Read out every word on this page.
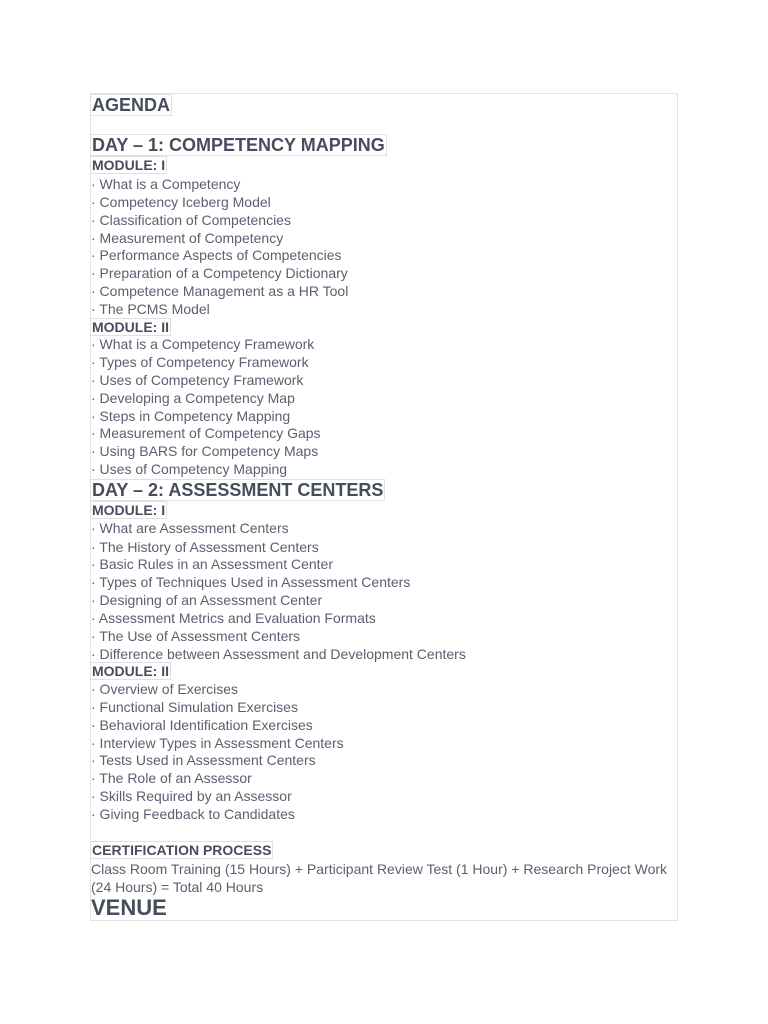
AGENDA
DAY – 1: COMPETENCY MAPPING
MODULE: I
· What is a Competency
· Competency Iceberg Model
· Classification of Competencies
· Measurement of Competency
· Performance Aspects of Competencies
· Preparation of a Competency Dictionary
· Competence Management as a HR Tool
· The PCMS Model
MODULE: II
· What is a Competency Framework
· Types of Competency Framework
· Uses of Competency Framework
· Developing a Competency Map
· Steps in Competency Mapping
· Measurement of Competency Gaps
· Using BARS for Competency Maps
· Uses of Competency Mapping
DAY – 2: ASSESSMENT CENTERS
MODULE: I
· What are Assessment Centers
· The History of Assessment Centers
· Basic Rules in an Assessment Center
· Types of Techniques Used in Assessment Centers
· Designing of an Assessment Center
· Assessment Metrics and Evaluation Formats
· The Use of Assessment Centers
· Difference between Assessment and Development Centers
MODULE: II
· Overview of Exercises
· Functional Simulation Exercises
· Behavioral Identification Exercises
· Interview Types in Assessment Centers
· Tests Used in Assessment Centers
· The Role of an Assessor
· Skills Required by an Assessor
· Giving Feedback to Candidates
CERTIFICATION PROCESS
Class Room Training (15 Hours) + Participant Review Test (1 Hour) + Research Project Work (24 Hours) = Total 40 Hours
VENUE
